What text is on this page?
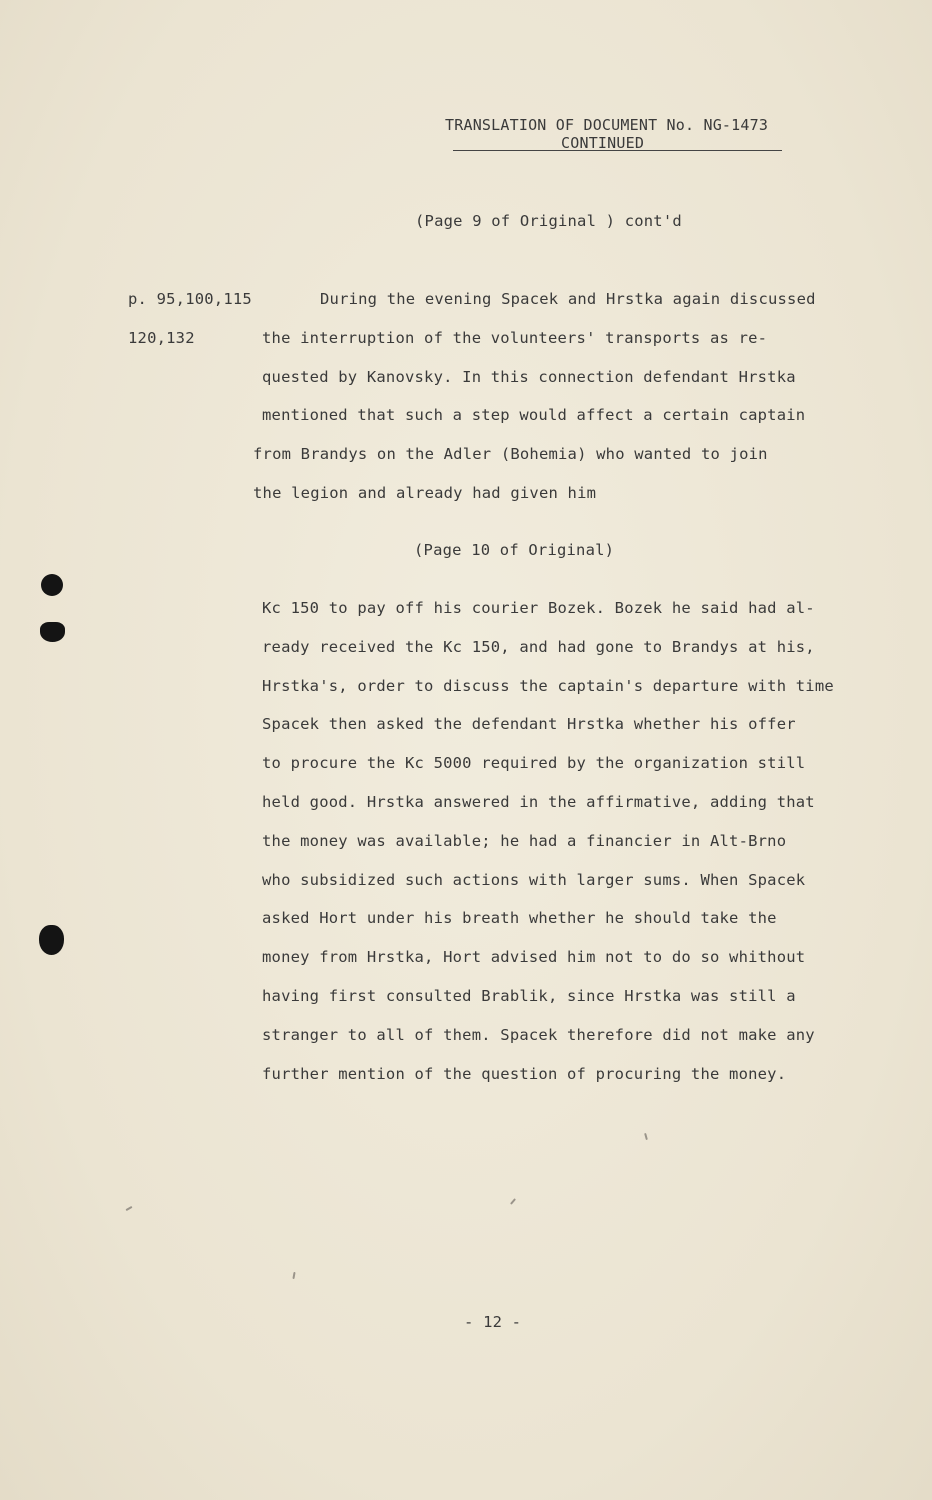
TRANSLATION OF DOCUMENT No. NG-1473
CONTINUED
(Page 9 of Original ) cont'd
p. 95,100,115
120,132
During the evening Spacek and Hrstka again discussed
the interruption of the volunteers' transports as re-
quested by Kanovsky. In this connection defendant Hrstka
mentioned that such a step would affect a certain captain
from Brandys on the Adler (Bohemia) who wanted to join
the legion and already had given him
(Page 10 of Original)
Kc 150 to pay off his courier Bozek. Bozek he said had al-
ready received the Kc 150, and had gone to Brandys at his,
Hrstka's, order to discuss the captain's departure with time
Spacek then asked the defendant Hrstka whether his offer
to procure the Kc 5000 required by the organization still
held good. Hrstka answered in the affirmative, adding that
the money was available; he had a financier in Alt-Brno
who subsidized such actions with larger sums. When Spacek
asked Hort under his breath whether he should take the
money from Hrstka, Hort advised him not to do so whithout
having first consulted Brablik, since Hrstka was still a
stranger to all of them. Spacek therefore did not make any
further mention of the question of procuring the money.
- 12 -
